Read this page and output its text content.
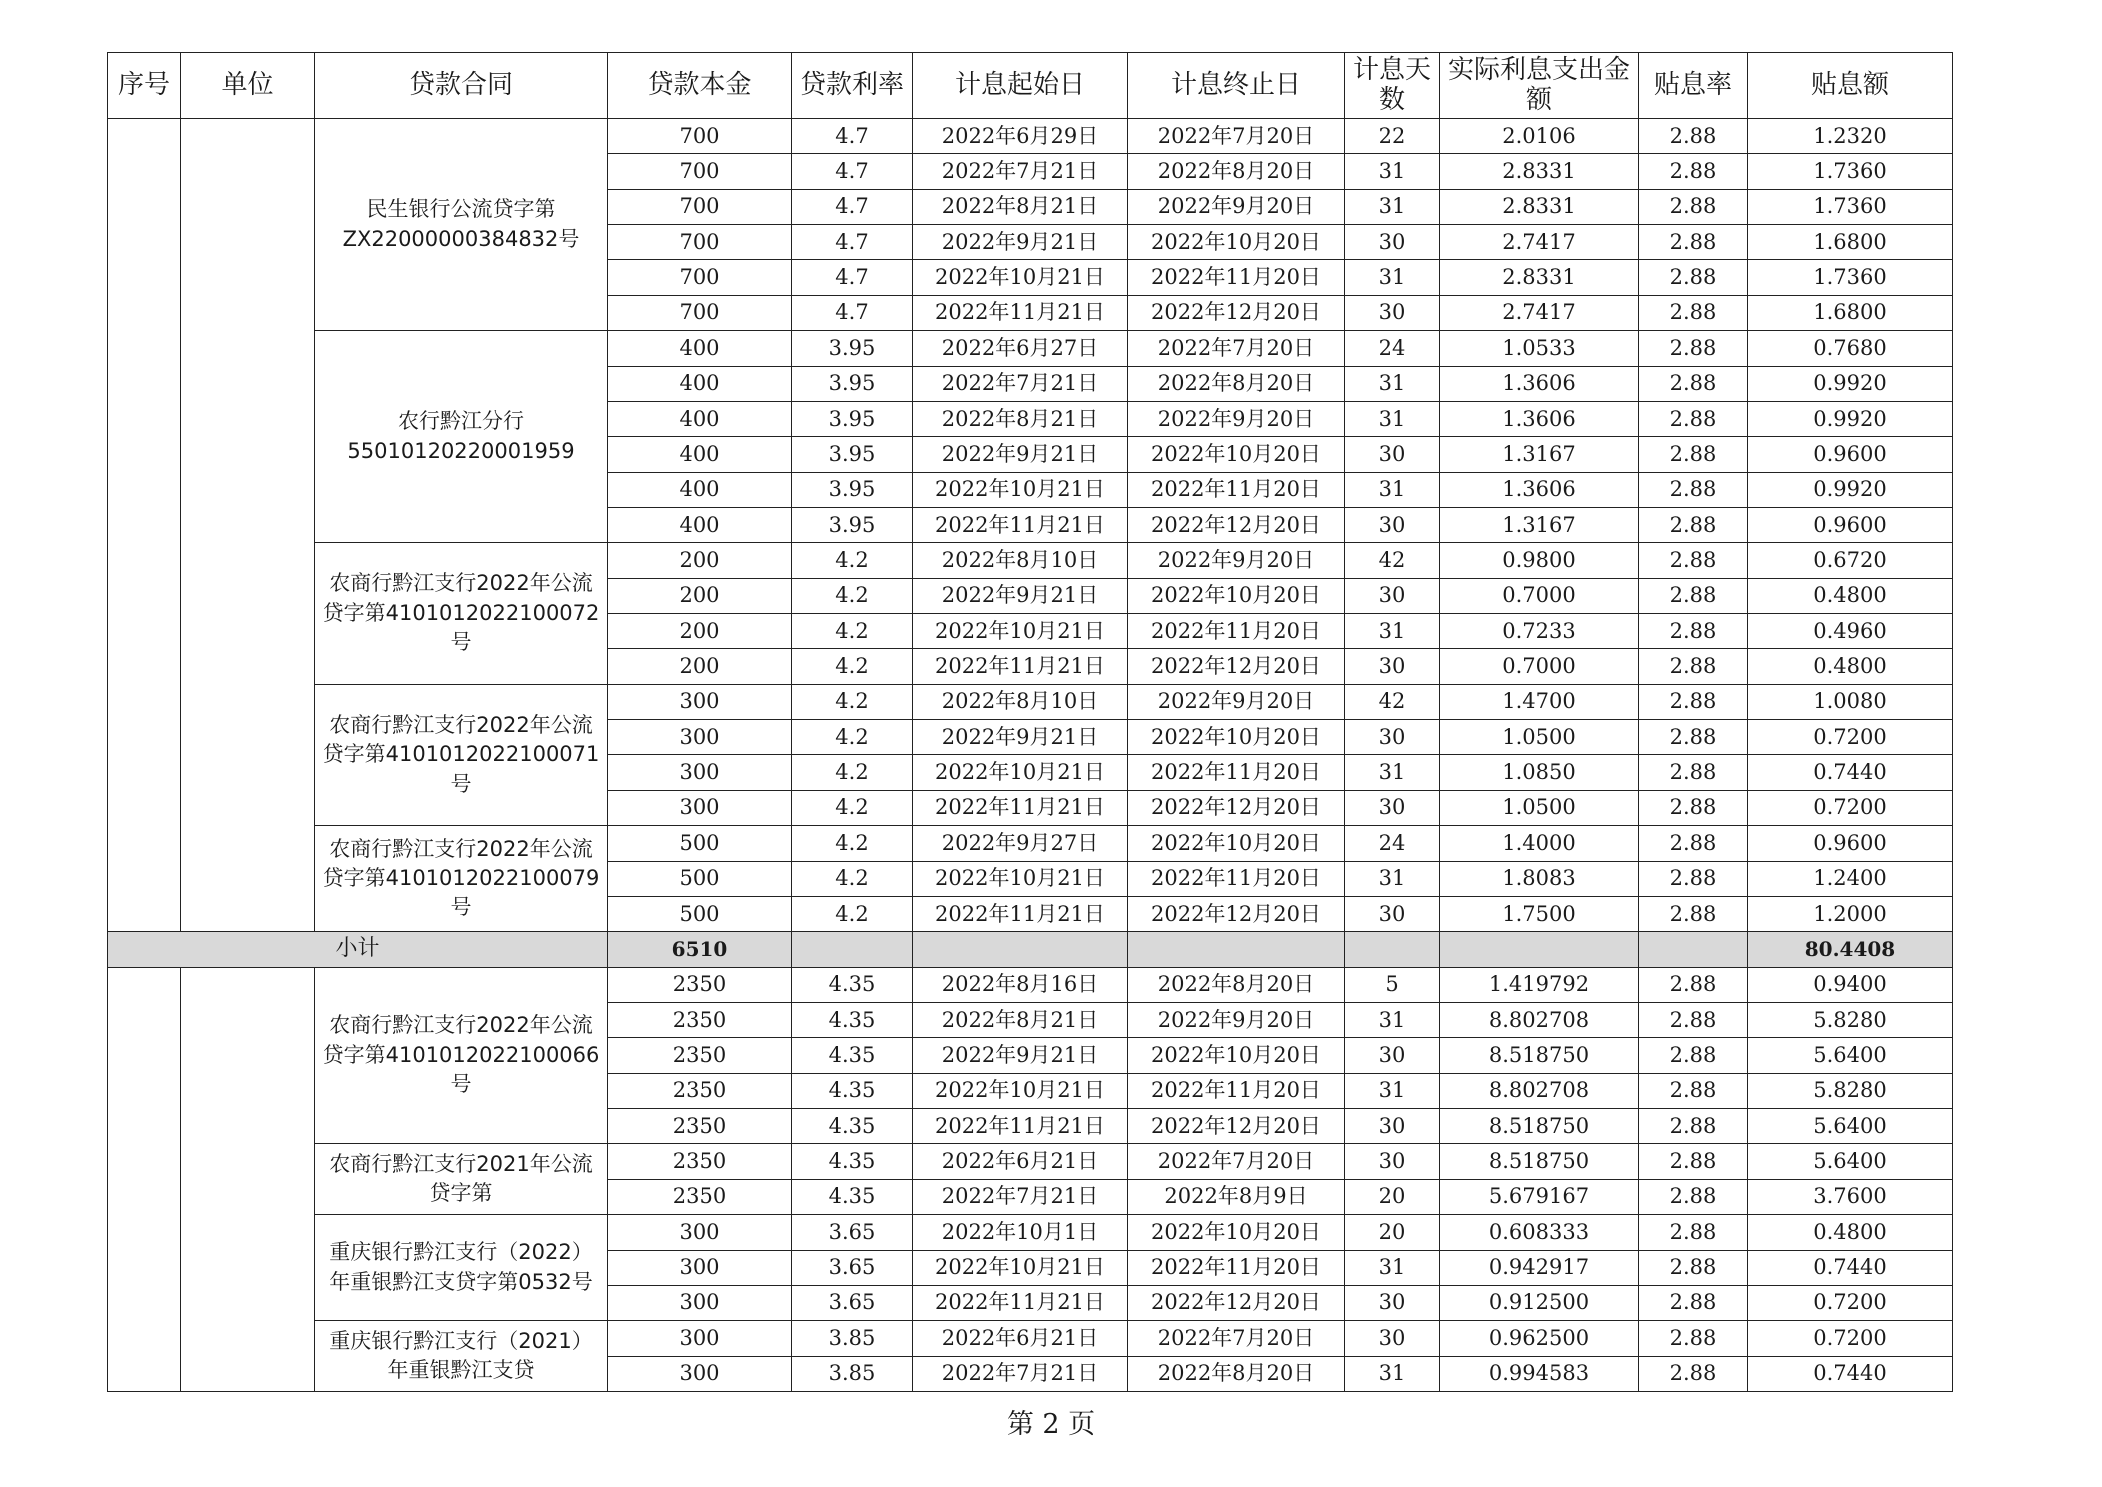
序号	单位	贷款合同	贷款本金	贷款利率	计息起始日	计息终止日	计息天数	实际利息支出金额	贴息率	贴息额
		民生银行公流贷字第ZX22000000384832号	700	4.7	2022年6月29日	2022年7月20日	22	2.0106	2.88	1.2320
			700	4.7	2022年7月21日	2022年8月20日	31	2.8331	2.88	1.7360
			700	4.7	2022年8月21日	2022年9月20日	31	2.8331	2.88	1.7360
			700	4.7	2022年9月21日	2022年10月20日	30	2.7417	2.88	1.6800
			700	4.7	2022年10月21日	2022年11月20日	31	2.8331	2.88	1.7360
			700	4.7	2022年11月21日	2022年12月20日	30	2.7417	2.88	1.6800
		农行黔江分行55010120220001959	400	3.95	2022年6月27日	2022年7月20日	24	1.0533	2.88	0.7680
			400	3.95	2022年7月21日	2022年8月20日	31	1.3606	2.88	0.9920
			400	3.95	2022年8月21日	2022年9月20日	31	1.3606	2.88	0.9920
			400	3.95	2022年9月21日	2022年10月20日	30	1.3167	2.88	0.9600
			400	3.95	2022年10月21日	2022年11月20日	31	1.3606	2.88	0.9920
			400	3.95	2022年11月21日	2022年12月20日	30	1.3167	2.88	0.9600
		农商行黔江支行2022年公流贷字第4101012022100072号	200	4.2	2022年8月10日	2022年9月20日	42	0.9800	2.88	0.6720
			200	4.2	2022年9月21日	2022年10月20日	30	0.7000	2.88	0.4800
			200	4.2	2022年10月21日	2022年11月20日	31	0.7233	2.88	0.4960
			200	4.2	2022年11月21日	2022年12月20日	30	0.7000	2.88	0.4800
		农商行黔江支行2022年公流贷字第4101012022100071号	300	4.2	2022年8月10日	2022年9月20日	42	1.4700	2.88	1.0080
			300	4.2	2022年9月21日	2022年10月20日	30	1.0500	2.88	0.7200
			300	4.2	2022年10月21日	2022年11月20日	31	1.0850	2.88	0.7440
			300	4.2	2022年11月21日	2022年12月20日	30	1.0500	2.88	0.7200
		农商行黔江支行2022年公流贷字第4101012022100079号	500	4.2	2022年9月27日	2022年10月20日	24	1.4000	2.88	0.9600
			500	4.2	2022年10月21日	2022年11月20日	31	1.8083	2.88	1.2400
			500	4.2	2022年11月21日	2022年12月20日	30	1.7500	2.88	1.2000
小计			6510							80.4408
		农商行黔江支行2022年公流贷字第4101012022100066号	2350	4.35	2022年8月16日	2022年8月20日	5	1.419792	2.88	0.9400
			2350	4.35	2022年8月21日	2022年9月20日	31	8.802708	2.88	5.8280
			2350	4.35	2022年9月21日	2022年10月20日	30	8.518750	2.88	5.6400
			2350	4.35	2022年10月21日	2022年11月20日	31	8.802708	2.88	5.8280
			2350	4.35	2022年11月21日	2022年12月20日	30	8.518750	2.88	5.6400
		农商行黔江支行2021年公流贷字第	2350	4.35	2022年6月21日	2022年7月20日	30	8.518750	2.88	5.6400
			2350	4.35	2022年7月21日	2022年8月9日	20	5.679167	2.88	3.7600
		重庆银行黔江支行（2022）年重银黔江支贷字第0532号	300	3.65	2022年10月1日	2022年10月20日	20	0.608333	2.88	0.4800
			300	3.65	2022年10月21日	2022年11月20日	31	0.942917	2.88	0.7440
			300	3.65	2022年11月21日	2022年12月20日	30	0.912500	2.88	0.7200
		重庆银行黔江支行（2021）年重银黔江支贷	300	3.85	2022年6月21日	2022年7月20日	30	0.962500	2.88	0.7200
			300	3.85	2022年7月21日	2022年8月20日	31	0.994583	2.88	0.7440
第 2 页
